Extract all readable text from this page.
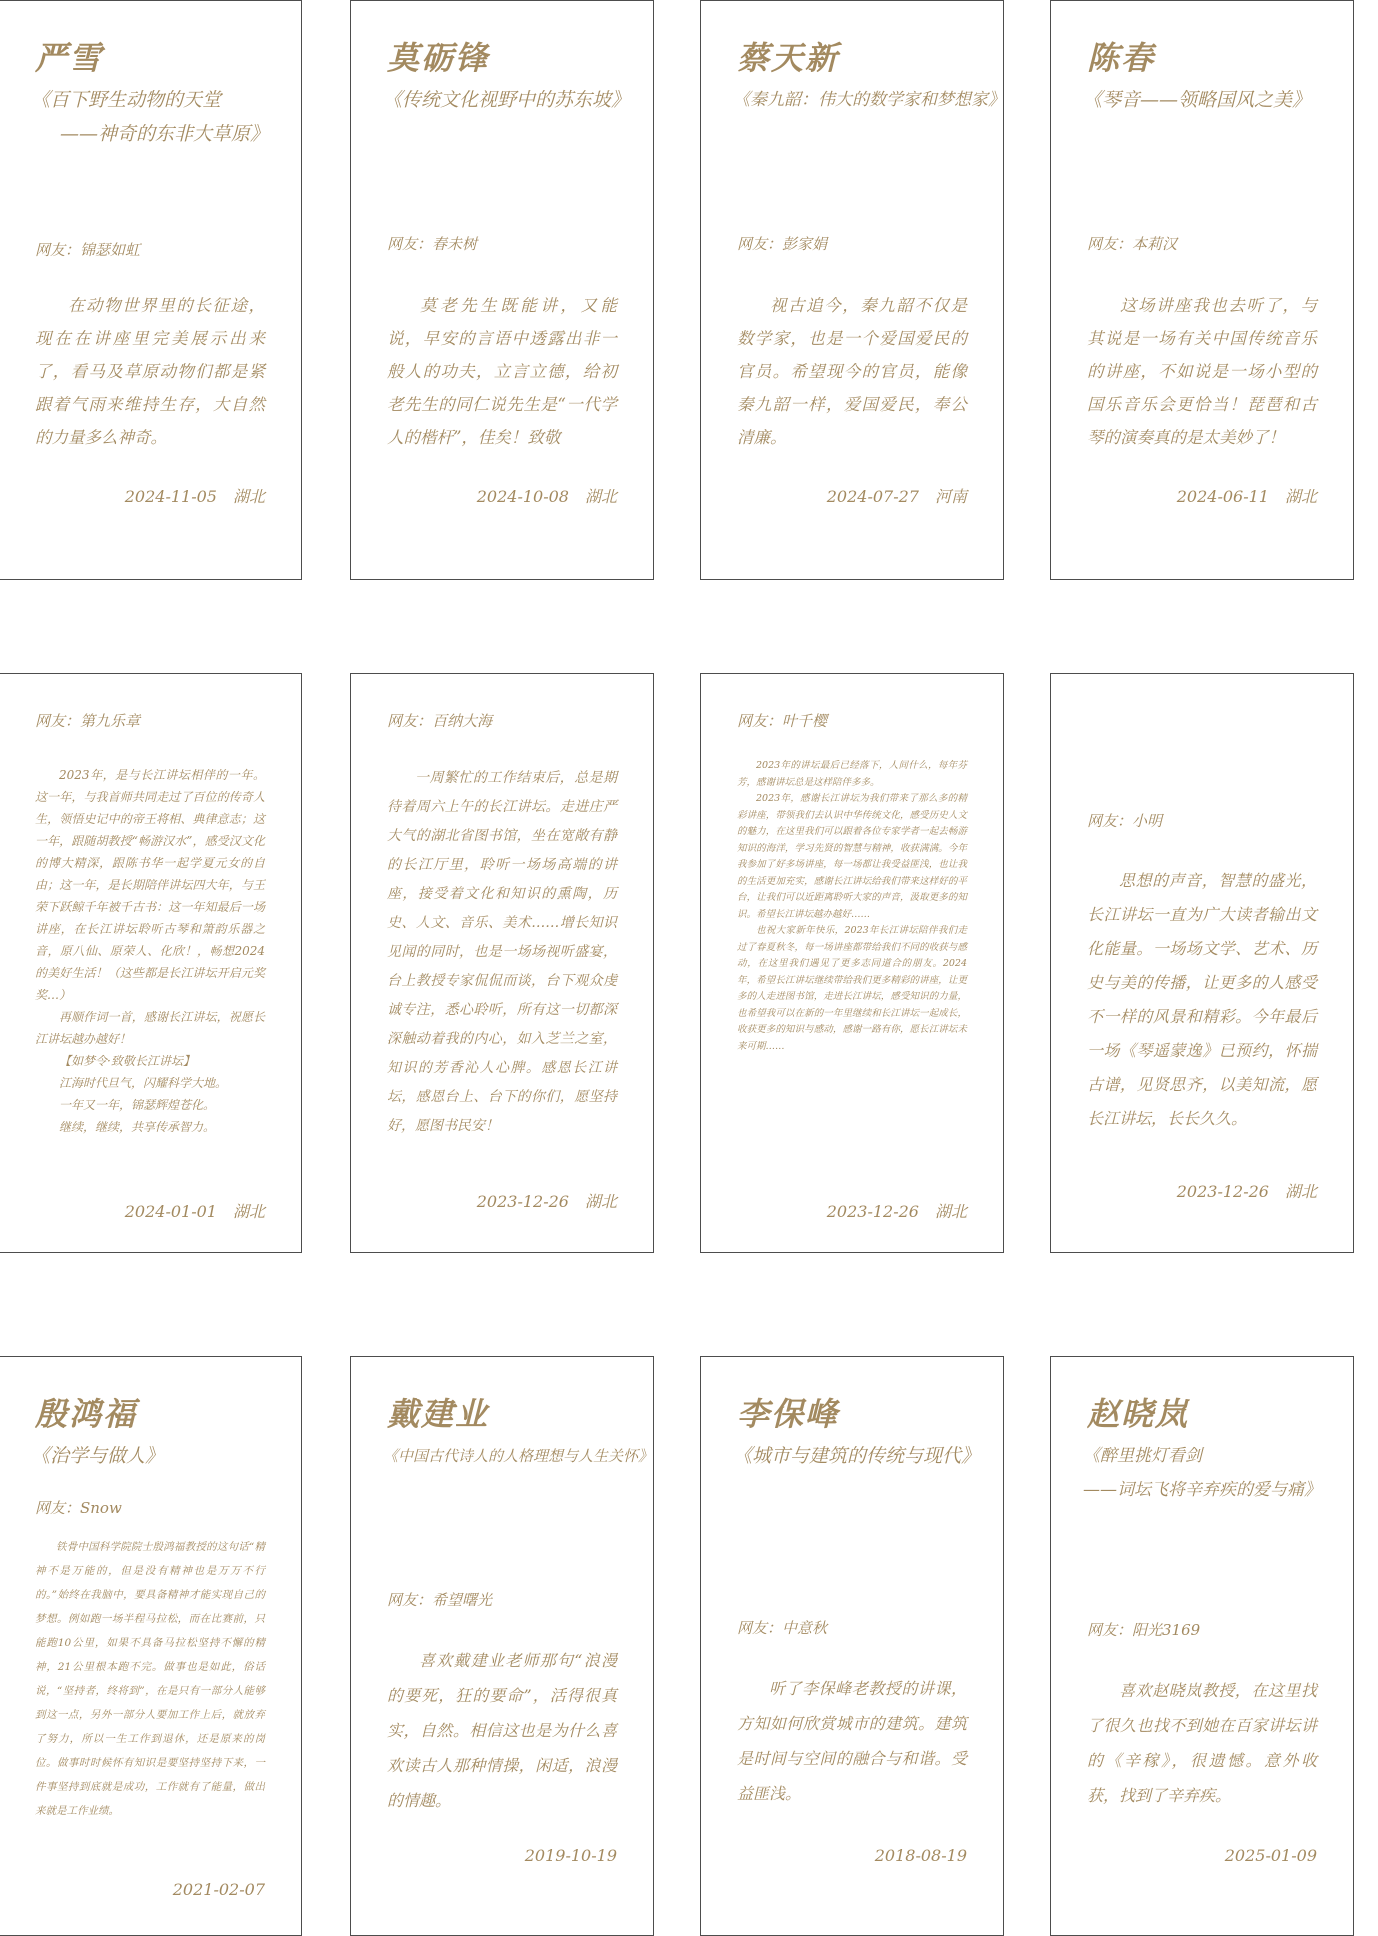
严雪
《百下野生动物的天堂
——神奇的东非大草原》
网友：锦瑟如虹

在动物世界里的长征途，现在在讲座里完美展示出来了，看马及草原动物们都是紧跟着气雨来维持生存，大自然的力量多么神奇。

2024-11-05 湖北
莫砺锋
《传统文化视野中的苏东坡》
网友：春未树

莫老先生既能讲，又能说，早安的言语中透露出非一般人的功夫，立言立德，给初老先生的同仁说先生是“一代学人的楷杆”，佳矣！致敬

2024-10-08 湖北
蔡天新
《秦九韶：伟大的数学家和梦想家》
网友：彭家娟

视古追今，秦九韶不仅是数学家，也是一个爱国爱民的官员。希望现今的官员，能像秦九韶一样，爱国爱民，奉公清廉。

2024-07-27 河南
陈春
《琴音——领略国风之美》
网友：本莉汉

这场讲座我也去听了，与其说是一场有关中国传统音乐的讲座，不如说是一场小型的国乐音乐会更恰当！琵琶和古琴的演奏真的是太美妙了！

2024-06-11 湖北
网友：第九乐章

2023年，是与长江讲坛相伴的一年。这一年，与我首师共同走过了百位的传奇人生，领悟史记中的帝王将相、典律意志；这一年，跟随胡教授“畅游汉水”，感受汉文化的博大精深，跟陈书华一起学夏元女的自由；这一年，是长期陪伴讲坛四大年，与王荣下跃鲸千年被千古书：这一年知最后一场讲座，在长江讲坛聆听古琴和箫韵乐器之音，原八仙、原荣人、化欣！，畅想2024的美好生活！（这些都是长江讲坛开启元奖奖…）

再顺作词一首，感谢长江讲坛，祝愿长江讲坛越办越好！

【如梦令·致敬长江讲坛】

江海时代旦气，闪耀科学大地。

一年又一年，锦瑟辉煌苍化。

继续，继续，共享传承智力。

2024-01-01 湖北
网友：百纳大海

一周繁忙的工作结束后，总是期待着周六上午的长江讲坛。走进庄严大气的湖北省图书馆，坐在宽敞有静的长江厅里，聆听一场场高端的讲座，接受着文化和知识的熏陶，历史、人文、音乐、美术……增长知识见闻的同时，也是一场场视听盛宴，台上教授专家侃侃而谈，台下观众虔诚专注，悉心聆听，所有这一切都深深触动着我的内心，如入芝兰之室，知识的芳香沁人心脾。感恩长江讲坛，感恩台上、台下的你们，愿坚持好，愿图书民安！

2023-12-26 湖北
网友：叶千樱

2023年的讲坛最后已经落下，人间什么，每年芬芳，感谢讲坛总是这样陪伴多多。

2023年，感谢长江讲坛为我们带来了那么多的精彩讲座，带领我们去认识中华传统文化，感受历史人文的魅力，在这里我们可以跟着各位专家学者一起去畅游知识的海洋，学习先贤的智慧与精神，收获满满。今年我参加了好多场讲座，每一场都让我受益匪浅，也让我的生活更加充实，感谢长江讲坛给我们带来这样好的平台，让我们可以近距离聆听大家的声音，汲取更多的知识。希望长江讲坛越办越好……

也祝大家新年快乐，2023年长江讲坛陪伴我们走过了春夏秋冬，每一场讲座都带给我们不同的收获与感动，在这里我们遇见了更多志同道合的朋友。2024年，希望长江讲坛继续带给我们更多精彩的讲座，让更多的人走进图书馆，走进长江讲坛，感受知识的力量，也希望我可以在新的一年里继续和长江讲坛一起成长，收获更多的知识与感动，感谢一路有你，愿长江讲坛未来可期……

2023-12-26 湖北
网友：小明

思想的声音，智慧的盛光，长江讲坛一直为广大读者输出文化能量。一场场文学、艺术、历史与美的传播，让更多的人感受不一样的风景和精彩。今年最后一场《琴遥蒙逸》已预约，怀揣古谱，见贤思齐，以美知流，愿长江讲坛，长长久久。

2023-12-26 湖北
殷鸿福
《治学与做人》
网友：Snow

铁骨中国科学院院士殷鸿福教授的这句话“精神不是万能的，但是没有精神也是万万不行的。”始终在我脑中，要具备精神才能实现自己的梦想。例如跑一场半程马拉松，而在比赛前，只能跑10公里，如果不具备马拉松坚持不懈的精神，21公里根本跑不完。做事也是如此，俗话说，“坚持者，终将到”，在是只有一部分人能够到这一点，另外一部分人要加工作上后，就放弃了努力，所以一生工作到退休，还是原来的岗位。做事时时候怀有知识是要坚持坚持下来，一件事坚持到底就是成功，工作就有了能量，做出来就是工作业绩。

2021-02-07
戴建业
《中国古代诗人的人格理想与人生关怀》
网友：希望曙光

喜欢戴建业老师那句“浪漫的要死，狂的要命”，活得很真实，自然。相信这也是为什么喜欢读古人那种情操，闲适，浪漫的情趣。

2019-10-19
李保峰
《城市与建筑的传统与现代》
网友：中意秋

听了李保峰老教授的讲课，方知如何欣赏城市的建筑。建筑是时间与空间的融合与和谐。受益匪浅。

2018-08-19
赵晓岚
《醉里挑灯看剑
——词坛飞将辛弃疾的爱与痛》
网友：阳光3169

喜欢赵晓岚教授，在这里找了很久也找不到她在百家讲坛讲的《辛稼》，很遗憾。意外收获，找到了辛弃疾。

2025-01-09
